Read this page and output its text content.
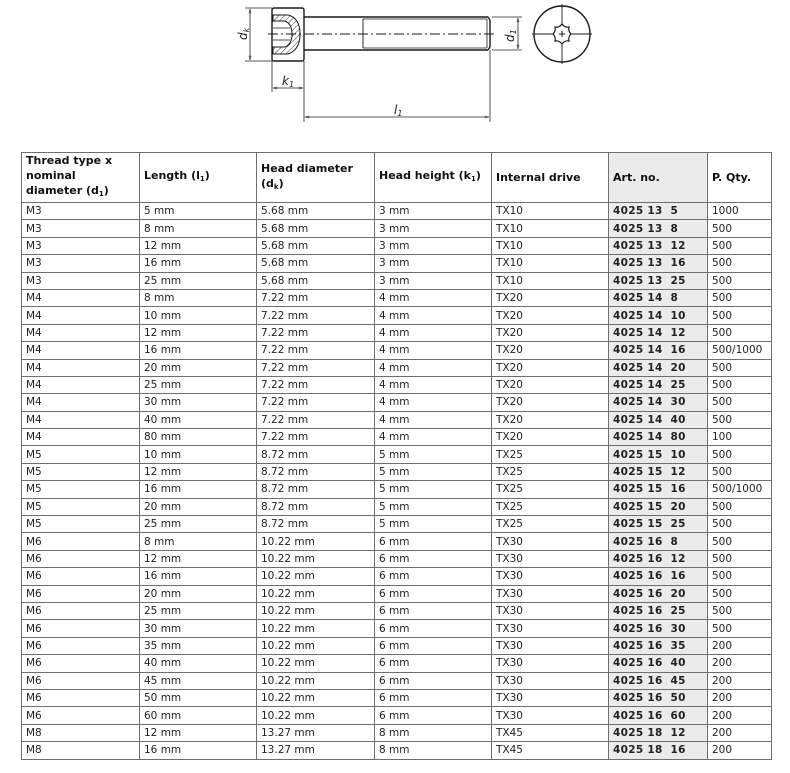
dk
d1
k1
l1
Thread type x nominal diameter $(d_1)$	Length $(l_1)$	Head diameter $(d_k)$	Head height $(k_1)$	Internal drive	Art. no.	P. Qty.
M3	5 mm	5.68 mm	3 mm	TX10	4025 13  5	1000
M3	8 mm	5.68 mm	3 mm	TX10	4025 13  8	500
M3	12 mm	5.68 mm	3 mm	TX10	4025 13  12	500
M3	16 mm	5.68 mm	3 mm	TX10	4025 13  16	500
M3	25 mm	5.68 mm	3 mm	TX10	4025 13  25	500
M4	8 mm	7.22 mm	4 mm	TX20	4025 14  8	500
M4	10 mm	7.22 mm	4 mm	TX20	4025 14  10	500
M4	12 mm	7.22 mm	4 mm	TX20	4025 14  12	500
M4	16 mm	7.22 mm	4 mm	TX20	4025 14  16	500/1000
M4	20 mm	7.22 mm	4 mm	TX20	4025 14  20	500
M4	25 mm	7.22 mm	4 mm	TX20	4025 14  25	500
M4	30 mm	7.22 mm	4 mm	TX20	4025 14  30	500
M4	40 mm	7.22 mm	4 mm	TX20	4025 14  40	500
M4	80 mm	7.22 mm	4 mm	TX20	4025 14  80	100
M5	10 mm	8.72 mm	5 mm	TX25	4025 15  10	500
M5	12 mm	8.72 mm	5 mm	TX25	4025 15  12	500
M5	16 mm	8.72 mm	5 mm	TX25	4025 15  16	500/1000
M5	20 mm	8.72 mm	5 mm	TX25	4025 15  20	500
M5	25 mm	8.72 mm	5 mm	TX25	4025 15  25	500
M6	8 mm	10.22 mm	6 mm	TX30	4025 16  8	500
M6	12 mm	10.22 mm	6 mm	TX30	4025 16  12	500
M6	16 mm	10.22 mm	6 mm	TX30	4025 16  16	500
M6	20 mm	10.22 mm	6 mm	TX30	4025 16  20	500
M6	25 mm	10.22 mm	6 mm	TX30	4025 16  25	500
M6	30 mm	10.22 mm	6 mm	TX30	4025 16  30	500
M6	35 mm	10.22 mm	6 mm	TX30	4025 16  35	200
M6	40 mm	10.22 mm	6 mm	TX30	4025 16  40	200
M6	45 mm	10.22 mm	6 mm	TX30	4025 16  45	200
M6	50 mm	10.22 mm	6 mm	TX30	4025 16  50	200
M6	60 mm	10.22 mm	6 mm	TX30	4025 16  60	200
M8	12 mm	13.27 mm	8 mm	TX45	4025 18  12	200
M8	16 mm	13.27 mm	8 mm	TX45	4025 18  16	200
